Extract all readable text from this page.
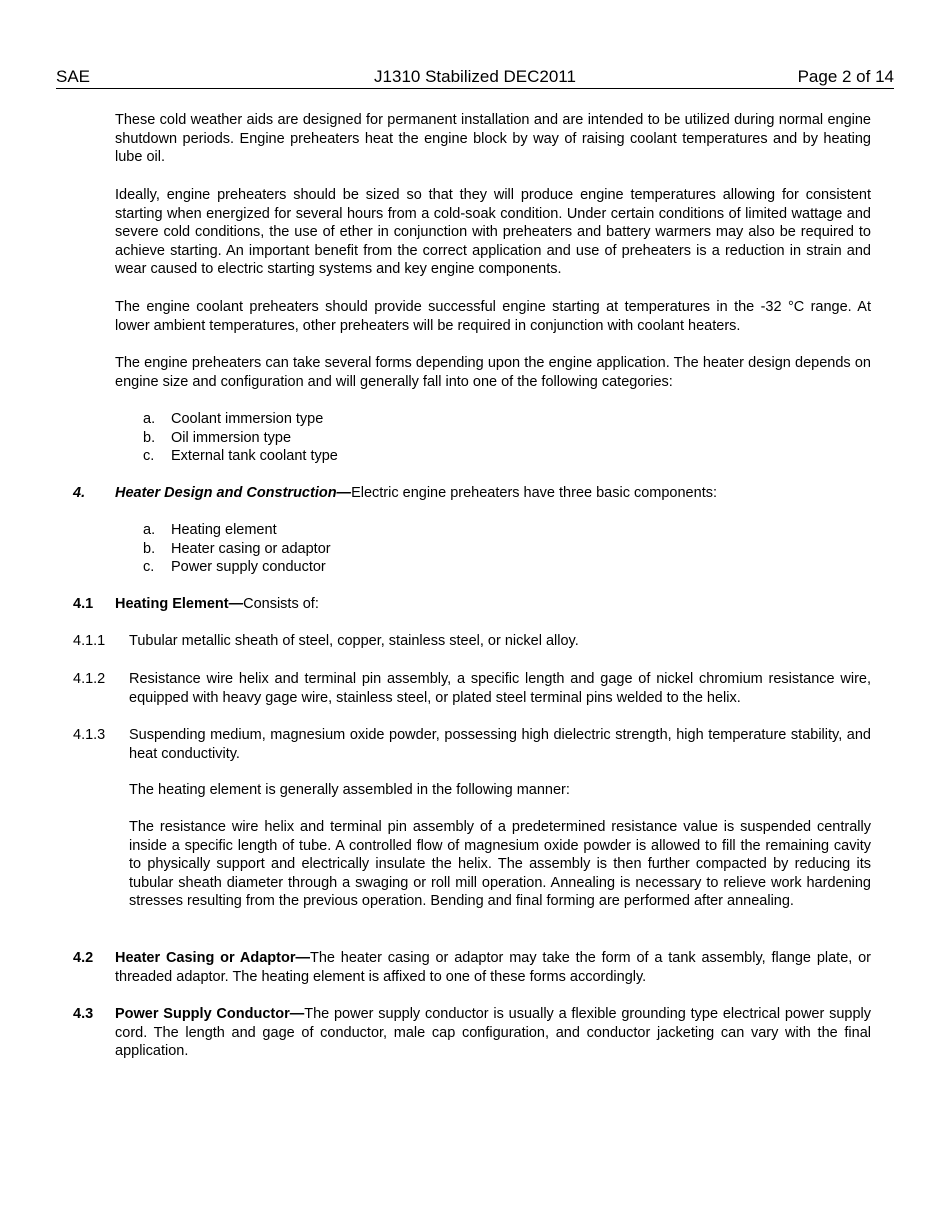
SAE	J1310 Stabilized DEC2011	Page 2 of 14
These cold weather aids are designed for permanent installation and are intended to be utilized during normal engine shutdown periods. Engine preheaters heat the engine block by way of raising coolant temperatures and by heating lube oil.
Ideally, engine preheaters should be sized so that they will produce engine temperatures allowing for consistent starting when energized for several hours from a cold-soak condition. Under certain conditions of limited wattage and severe cold conditions, the use of ether in conjunction with preheaters and battery warmers may also be required to achieve starting. An important benefit from the correct application and use of preheaters is a reduction in strain and wear caused to electric starting systems and key engine components.
The engine coolant preheaters should provide successful engine starting at temperatures in the -32 °C range. At lower ambient temperatures, other preheaters will be required in conjunction with coolant heaters.
The engine preheaters can take several forms depending upon the engine application. The heater design depends on engine size and configuration and will generally fall into one of the following categories:
a. Coolant immersion type
b. Oil immersion type
c. External tank coolant type
4. Heater Design and Construction—Electric engine preheaters have three basic components:
a. Heating element
b. Heater casing or adaptor
c. Power supply conductor
4.1 Heating Element—Consists of:
4.1.1 Tubular metallic sheath of steel, copper, stainless steel, or nickel alloy.
4.1.2 Resistance wire helix and terminal pin assembly, a specific length and gage of nickel chromium resistance wire, equipped with heavy gage wire, stainless steel, or plated steel terminal pins welded to the helix.
4.1.3 Suspending medium, magnesium oxide powder, possessing high dielectric strength, high temperature stability, and heat conductivity.
The heating element is generally assembled in the following manner:
The resistance wire helix and terminal pin assembly of a predetermined resistance value is suspended centrally inside a specific length of tube. A controlled flow of magnesium oxide powder is allowed to fill the remaining cavity to physically support and electrically insulate the helix. The assembly is then further compacted by reducing its tubular sheath diameter through a swaging or roll mill operation. Annealing is necessary to relieve work hardening stresses resulting from the previous operation. Bending and final forming are performed after annealing.
4.2 Heater Casing or Adaptor—The heater casing or adaptor may take the form of a tank assembly, flange plate, or threaded adaptor. The heating element is affixed to one of these forms accordingly.
4.3 Power Supply Conductor—The power supply conductor is usually a flexible grounding type electrical power supply cord. The length and gage of conductor, male cap configuration, and conductor jacketing can vary with the final application.
